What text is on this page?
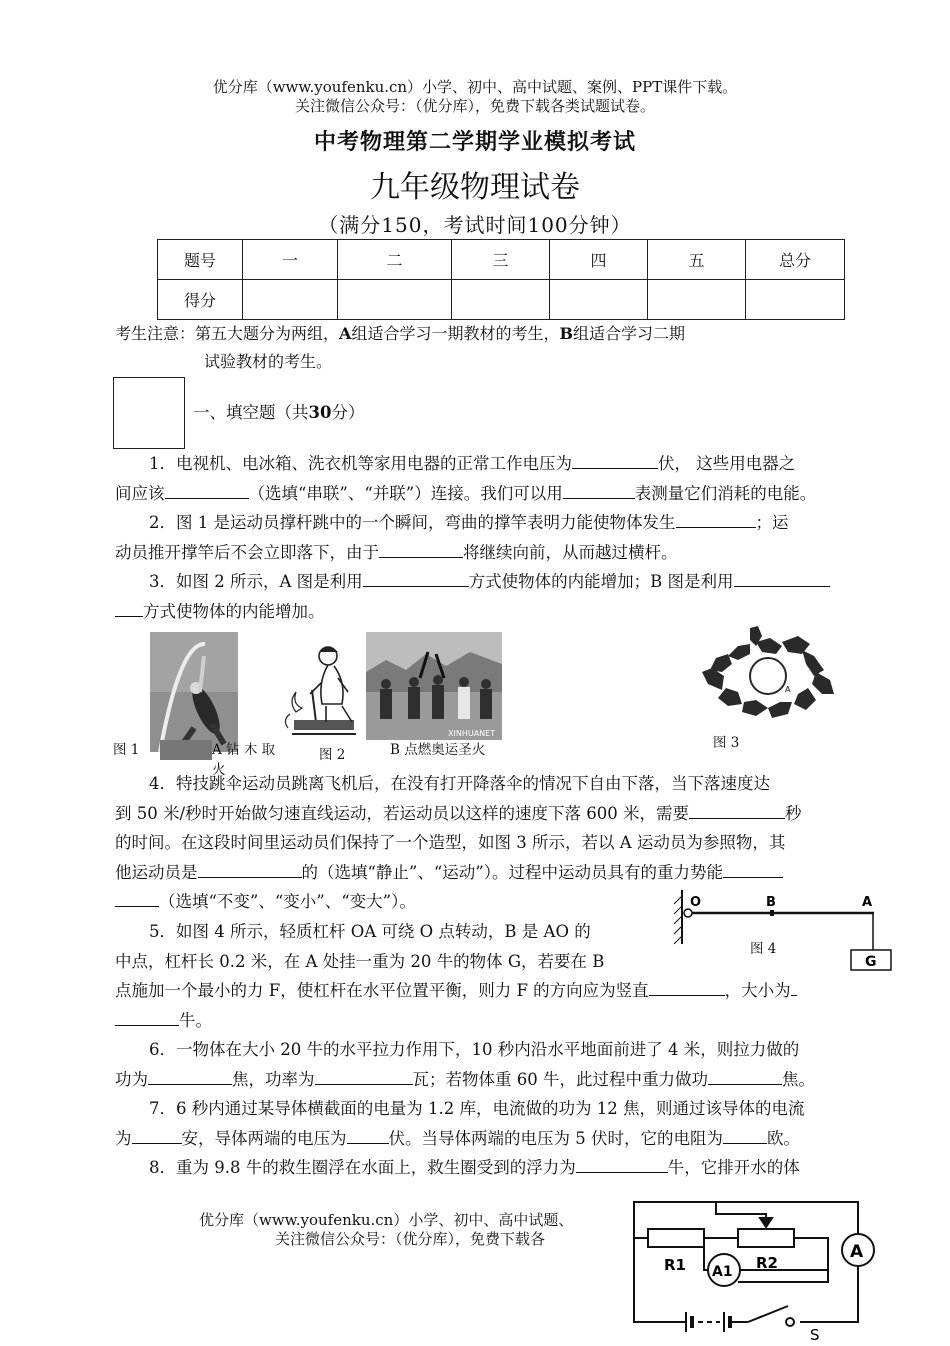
优分库（www.youfenku.cn）小学、初中、高中试题、案例、PPT课件下载。
关注微信公众号：（优分库），免费下载各类试题试卷。
中考物理第二学期学业模拟考试
九年级物理试卷
（满分150，考试时间100分钟）
题号	一	二	三	四	五	总分
得分						
考生注意：第五大题分为两组，A组适合学习一期教材的考生，B组适合学习二期
试验教材的考生。
一、填空题（共30分）
1．电视机、电冰箱、洗衣机等家用电器的正常工作电压为	伏， 这些用电器之
间应该	（选填“串联”、“并联”）连接。我们可以用	表测量它们消耗的电能。
2．图 1 是运动员撑杆跳中的一个瞬间，弯曲的撑竿表明力能使物体发生	；运
动员推开撑竿后不会立即落下，由于	将继续向前，从而越过横杆。
3．如图 2 所示，A 图是利用	方式使物体的内能增加；B 图是利用
方式使物体的内能增加。
图 1	A 钻 木 取
火
图 2
XINHUANET
B 点燃奥运圣火
A
图 3
4．特技跳伞运动员跳离飞机后，在没有打开降落伞的情况下自由下落，当下落速度达
到 50 米/秒时开始做匀速直线运动，若运动员以这样的速度下落 600 米，需要	秒
的时间。在这段时间里运动员们保持了一个造型，如图 3 所示，若以 A 运动员为参照物，其
他运动员是	的（选填“静止”、“运动”）。过程中运动员具有的重力势能
（选填“不变”、“变小”、“变大”）。	O	B	A
G
图 4
5．如图 4 所示，轻质杠杆 OA 可绕 O 点转动，B 是 AO 的
中点，杠杆长 0.2 米，在 A 处挂一重为 20 牛的物体 G，若要在 B
点施加一个最小的力 F，使杠杆在水平位置平衡，则力 F 的方向应为竖直	，大小为
牛。
6．一物体在大小 20 牛的水平拉力作用下，10 秒内沿水平地面前进了 4 米，则拉力做的
功为	焦，功率为	瓦；若物体重 60 牛，此过程中重力做功	焦。
7．6 秒内通过某导体横截面的电量为 1.2 库，电流做的功为 12 焦，则通过该导体的电流
为	安，导体两端的电压为	伏。当导体两端的电压为 5 伏时，它的电阻为	欧。
8．重为 9.8 牛的救生圈浮在水面上，救生圈受到的浮力为	牛，它排开水的体
优分库（www.youfenku.cn）小学、初中、高中试题、
关注微信公众号：（优分库），免费下载各
A
A1
R1	R2
S
